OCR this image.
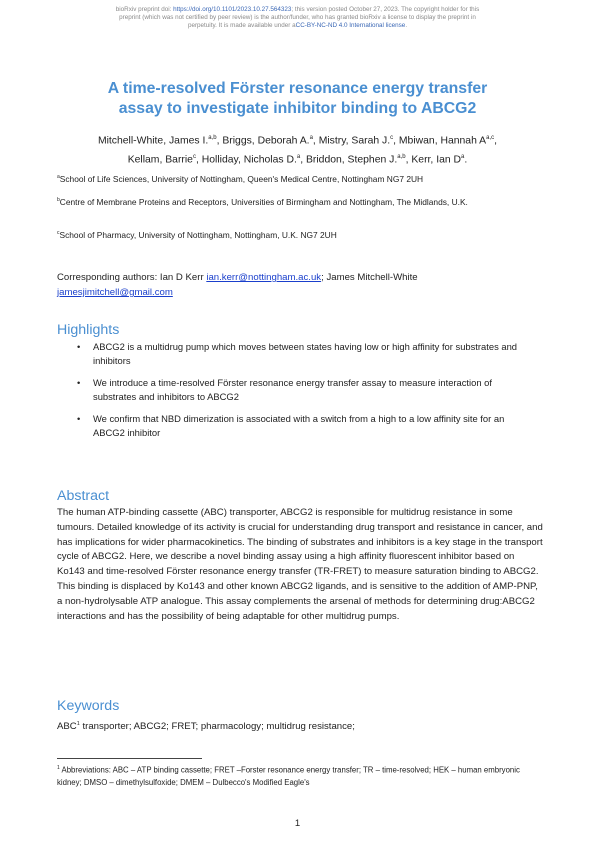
bioRxiv preprint doi: https://doi.org/10.1101/2023.10.27.564323; this version posted October 27, 2023. The copyright holder for this
preprint (which was not certified by peer review) is the author/funder, who has granted bioRxiv a license to display the preprint in
perpetuity. It is made available under aCC-BY-NC-ND 4.0 International license.
A time-resolved Förster resonance energy transfer
assay to investigate inhibitor binding to ABCG2
Mitchell-White, James I.$^{a,b}$, Briggs, Deborah A.$^a$, Mistry, Sarah J.$^c$, Mbiwan, Hannah A$^{a,c}$,
Kellam, Barrie$^c$, Holliday, Nicholas D.$^a$, Briddon, Stephen J.$^{a,b}$, Kerr, Ian $D^a$.
$^a$School of Life Sciences, University of Nottingham, Queen's Medical Centre, Nottingham NG7 2UH
$^b$Centre of Membrane Proteins and Receptors, Universities of Birmingham and Nottingham, The Midlands, U.K.
$^c$School of Pharmacy, University of Nottingham, Nottingham, U.K. NG7 2UH
Corresponding authors: Ian D Kerr ian.kerr@nottingham.ac.uk; James Mitchell-White
jamesjimitchell@gmail.com
Highlights
• ABCG2 is a multidrug pump which moves between states having low or high affinity for substrates and inhibitors
• We introduce a time-resolved Förster resonance energy transfer assay to measure interaction of substrates and inhibitors to ABCG2
• We confirm that NBD dimerization is associated with a switch from a high to a low affinity site for an ABCG2 inhibitor
Abstract
The human ATP-binding cassette (ABC) transporter, ABCG2 is responsible for multidrug resistance in some tumours. Detailed knowledge of its activity is crucial for understanding drug transport and resistance in cancer, and has implications for wider pharmacokinetics. The binding of substrates and inhibitors is a key stage in the transport cycle of ABCG2. Here, we describe a novel binding assay using a high affinity fluorescent inhibitor based on Ko143 and time-resolved Förster resonance energy transfer (TR-FRET) to measure saturation binding to ABCG2. This binding is displaced by Ko143 and other known ABCG2 ligands, and is sensitive to the addition of AMP-PNP, a non-hydrolysable ATP analogue. This assay complements the arsenal of methods for determining drug:ABCG2 interactions and has the possibility of being adaptable for other multidrug pumps.
Keywords
ABC$^1$ transporter; ABCG2; FRET; pharmacology; multidrug resistance;
$^1$ Abbreviations: ABC – ATP binding cassette; FRET –Forster resonance energy transfer; TR – time-resolved; HEK – human embryonic kidney; DMSO – dimethylsulfoxide; DMEM – Dulbecco's Modified Eagle's
1
